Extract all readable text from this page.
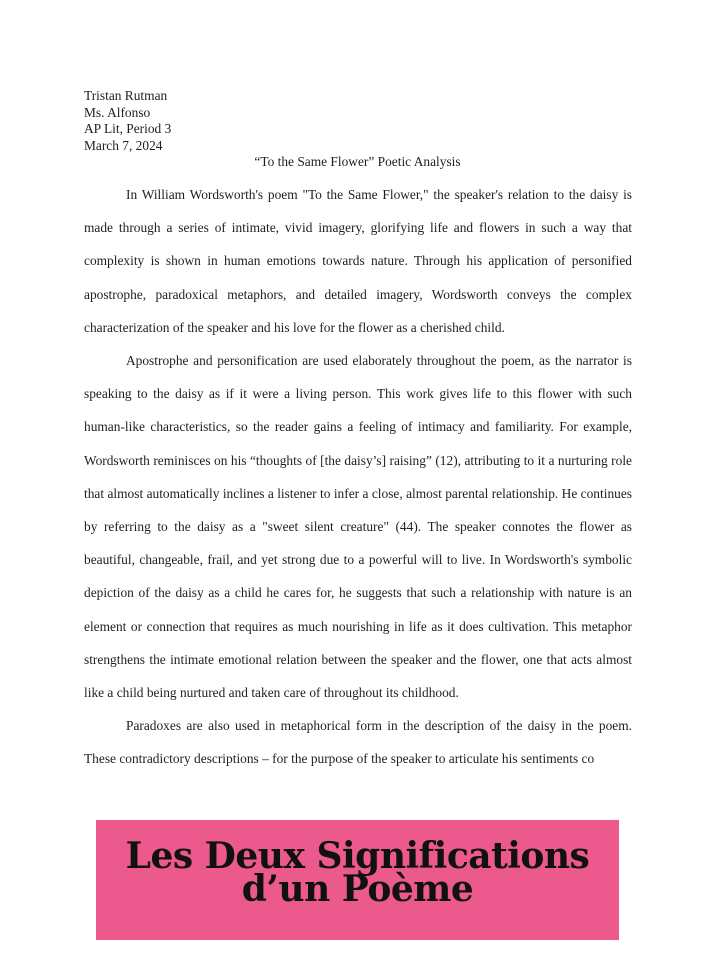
Tristan Rutman
Ms. Alfonso
AP Lit, Period 3
March 7, 2024
“To the Same Flower” Poetic Analysis

In William Wordsworth's poem "To the Same Flower," the speaker's relation to the daisy is made through a series of intimate, vivid imagery, glorifying life and flowers in such a way that complexity is shown in human emotions towards nature. Through his application of personified apostrophe, paradoxical metaphors, and detailed imagery, Wordsworth conveys the complex characterization of the speaker and his love for the flower as a cherished child.

Apostrophe and personification are used elaborately throughout the poem, as the narrator is speaking to the daisy as if it were a living person. This work gives life to this flower with such human-like characteristics, so the reader gains a feeling of intimacy and familiarity. For example, Wordsworth reminisces on his “thoughts of [the daisy’s] raising” (12), attributing to it a nurturing role that almost automatically inclines a listener to infer a close, almost parental relationship. He continues by referring to the daisy as a "sweet silent creature" (44). The speaker connotes the flower as beautiful, changeable, frail, and yet strong due to a powerful will to live. In Wordsworth's symbolic depiction of the daisy as a child he cares for, he suggests that such a relationship with nature is an element or connection that requires as much nourishing in life as it does cultivation. This metaphor strengthens the intimate emotional relation between the speaker and the flower, one that acts almost like a child being nurtured and taken care of throughout its childhood.

Paradoxes are also used in metaphorical form in the description of the daisy in the poem. These contradictory descriptions – for the purpose of the speaker to articulate his sentiments co

Les Deux Significations d’un Poème
